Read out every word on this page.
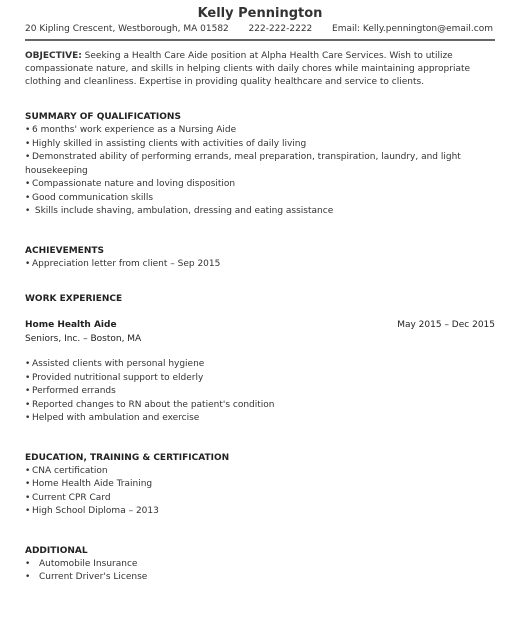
Kelly Pennington
20 Kipling Crescent, Westborough, MA 01582 222-222-2222 Email: Kelly.pennington@email.com
OBJECTIVE: Seeking a Health Care Aide position at Alpha Health Care Services. Wish to utilize compassionate nature, and skills in helping clients with daily chores while maintaining appropriate clothing and cleanliness. Expertise in providing quality healthcare and service to clients.
SUMMARY OF QUALIFICATIONS
• 6 months' work experience as a Nursing Aide
• Highly skilled in assisting clients with activities of daily living
• Demonstrated ability of performing errands, meal preparation, transpiration, laundry, and light
housekeeping
• Compassionate nature and loving disposition
• Good communication skills
• Skills include shaving, ambulation, dressing and eating assistance
ACHIEVEMENTS
• Appreciation letter from client – Sep 2015
WORK EXPERIENCE
Home Health Aide	May 2015 – Dec 2015
Seniors, Inc. – Boston, MA
• Assisted clients with personal hygiene
• Provided nutritional support to elderly
• Performed errands
• Reported changes to RN about the patient's condition
• Helped with ambulation and exercise
EDUCATION, TRAINING & CERTIFICATION
• CNA certification
• Home Health Aide Training
• Current CPR Card
• High School Diploma – 2013
ADDITIONAL
• Automobile Insurance
• Current Driver's License
